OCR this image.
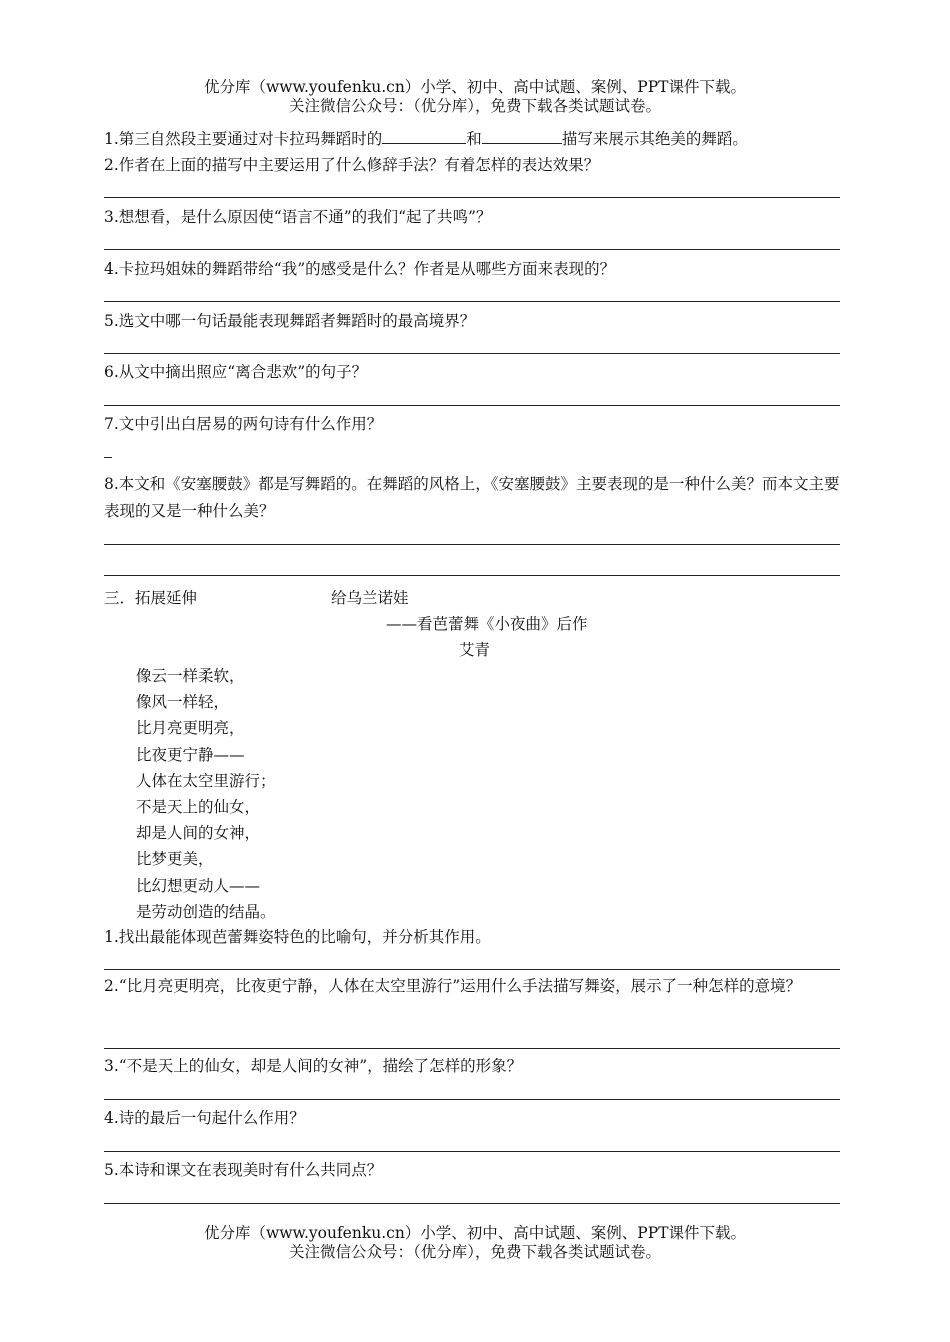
优分库（www.youfenku.cn）小学、初中、高中试题、案例、PPT课件下载。
关注微信公众号：（优分库），免费下载各类试题试卷。
1.第三自然段主要通过对卡拉玛舞蹈时的	和	描写来展示其绝美的舞蹈。
2.作者在上面的描写中主要运用了什么修辞手法？有着怎样的表达效果？
3.想想看，是什么原因使“语言不通”的我们“起了共鸣”？
4.卡拉玛姐妹的舞蹈带给“我”的感受是什么？作者是从哪些方面来表现的？
5.选文中哪一句话最能表现舞蹈者舞蹈时的最高境界？
6.从文中摘出照应“离合悲欢”的句子？
7.文中引出白居易的两句诗有什么作用？
8.本文和《安塞腰鼓》都是写舞蹈的。在舞蹈的风格上，《安塞腰鼓》主要表现的是一种什么美？而本文主要表现的又是一种什么美？
三．拓展延伸	给乌兰诺娃
——看芭蕾舞《小夜曲》后作
艾青
像云一样柔软，
像风一样轻，
比月亮更明亮，
比夜更宁静——
人体在太空里游行；
不是天上的仙女，
却是人间的女神，
比梦更美，
比幻想更动人——
是劳动创造的结晶。
1.找出最能体现芭蕾舞姿特色的比喻句，并分析其作用。
2.“比月亮更明亮，比夜更宁静，人体在太空里游行”运用什么手法描写舞姿，展示了一种怎样的意境？
3.“不是天上的仙女，却是人间的女神”，描绘了怎样的形象？
4.诗的最后一句起什么作用？
5.本诗和课文在表现美时有什么共同点？
优分库（www.youfenku.cn）小学、初中、高中试题、案例、PPT课件下载。
关注微信公众号：（优分库），免费下载各类试题试卷。
